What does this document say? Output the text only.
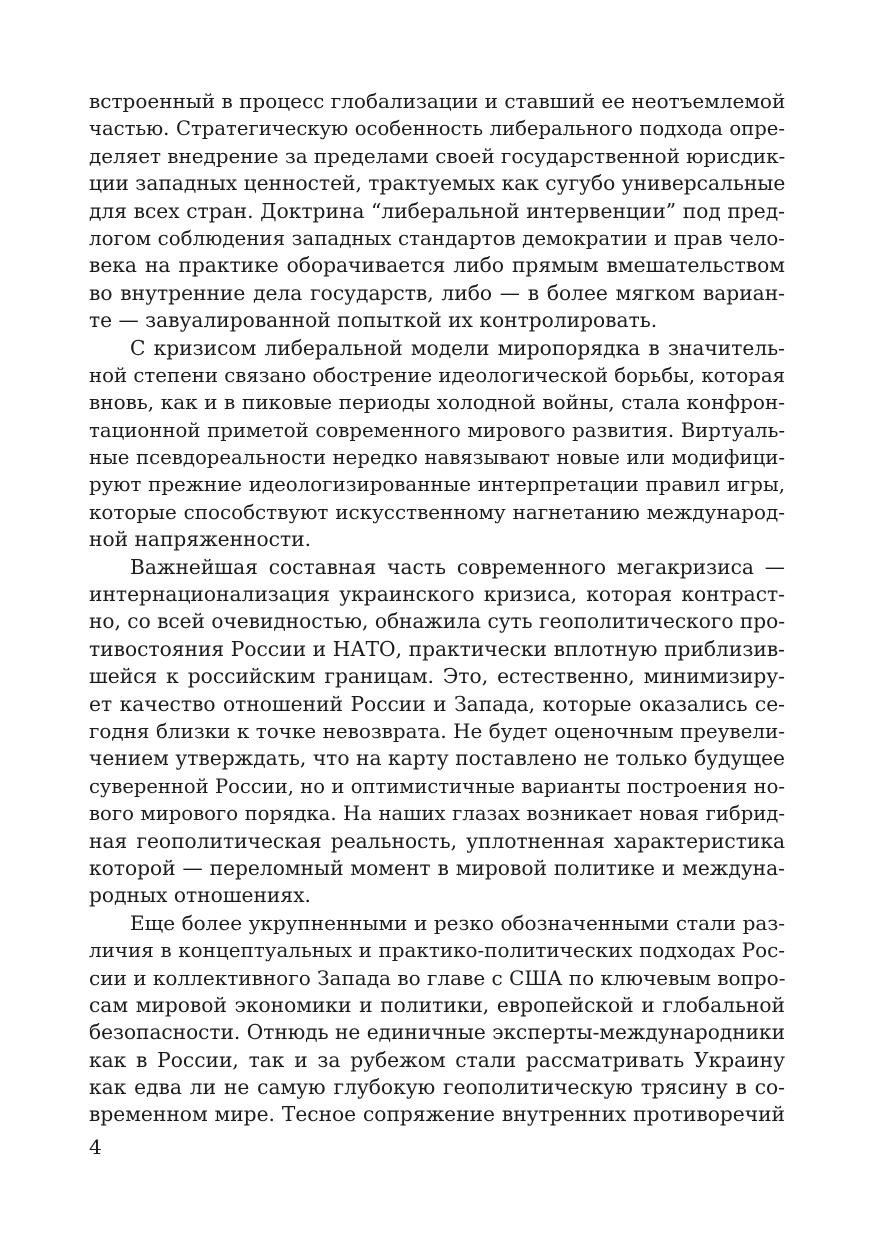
встроенный в процесс глобализации и ставший ее неотъемлемой
частью. Стратегическую особенность либерального подхода опре-
деляет внедрение за пределами своей государственной юрисдик-
ции западных ценностей, трактуемых как сугубо универсальные
для всех стран. Доктрина “либеральной интервенции” под пред-
логом соблюдения западных стандартов демократии и прав чело-
века на практике оборачивается либо прямым вмешательством
во внутренние дела государств, либо — в более мягком вариан-
те — завуалированной попыткой их контролировать.
С кризисом либеральной модели миропорядка в значитель-
ной степени связано обострение идеологической борьбы, которая
вновь, как и в пиковые периоды холодной войны, стала конфрон-
тационной приметой современного мирового развития. Виртуаль-
ные псевдореальности нередко навязывают новые или модифици-
руют прежние идеологизированные интерпретации правил игры,
которые способствуют искусственному нагнетанию международ-
ной напряженности.
Важнейшая составная часть современного мегакризиса —
интернационализация украинского кризиса, которая контраст-
но, со всей очевидностью, обнажила суть геополитического про-
тивостояния России и НАТО, практически вплотную приблизив-
шейся к российским границам. Это, естественно, минимизиру-
ет качество отношений России и Запада, которые оказались се-
годня близки к точке невозврата. Не будет оценочным преувели-
чением утверждать, что на карту поставлено не только будущее
суверенной России, но и оптимистичные варианты построения но-
вого мирового порядка. На наших глазах возникает новая гибрид-
ная геополитическая реальность, уплотненная характеристика
которой — переломный момент в мировой политике и междуна-
родных отношениях.
Еще более укрупненными и резко обозначенными стали раз-
личия в концептуальных и практико-политических подходах Рос-
сии и коллективного Запада во главе с США по ключевым вопро-
сам мировой экономики и политики, европейской и глобальной
безопасности. Отнюдь не единичные эксперты-международники
как в России, так и за рубежом стали рассматривать Украину
как едва ли не самую глубокую геополитическую трясину в со-
временном мире. Тесное сопряжение внутренних противоречий
4
